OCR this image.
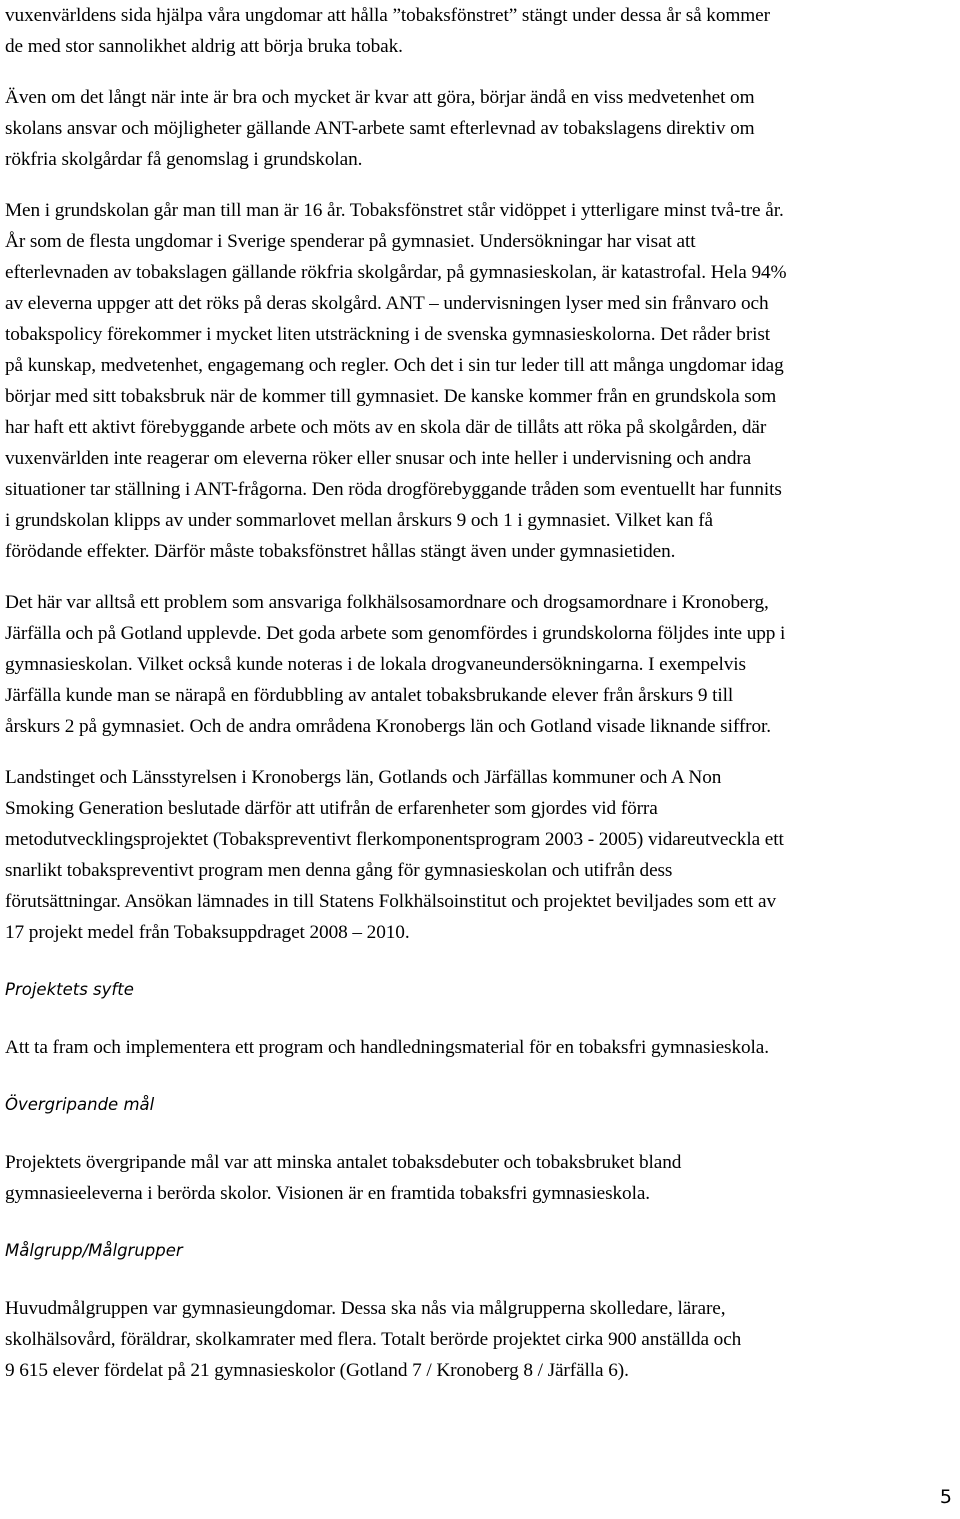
vuxenvärldens sida hjälpa våra ungdomar att hålla ”tobaksfönstret” stängt under dessa år så kommer
de med stor sannolikhet aldrig att börja bruka tobak.

Även om det långt när inte är bra och mycket är kvar att göra, börjar ändå en viss medvetenhet om
skolans ansvar och möjligheter gällande ANT-arbete samt efterlevnad av tobakslagens direktiv om
rökfria skolgårdar få genomslag i grundskolan.

Men i grundskolan går man till man är 16 år. Tobaksfönstret står vidöppet i ytterligare minst två-tre år.
År som de flesta ungdomar i Sverige spenderar på gymnasiet. Undersökningar har visat att
efterlevnaden av tobakslagen gällande rökfria skolgårdar, på gymnasieskolan, är katastrofal. Hela 94%
av eleverna uppger att det röks på deras skolgård. ANT – undervisningen lyser med sin frånvaro och
tobakspolicy förekommer i mycket liten utsträckning i de svenska gymnasieskolorna. Det råder brist
på kunskap, medvetenhet, engagemang och regler. Och det i sin tur leder till att många ungdomar idag
börjar med sitt tobaksbruk när de kommer till gymnasiet. De kanske kommer från en grundskola som
har haft ett aktivt förebyggande arbete och möts av en skola där de tillåts att röka på skolgården, där
vuxenvärlden inte reagerar om eleverna röker eller snusar och inte heller i undervisning och andra
situationer tar ställning i ANT-frågorna. Den röda drogförebyggande tråden som eventuellt har funnits
i grundskolan klipps av under sommarlovet mellan årskurs 9 och 1 i gymnasiet. Vilket kan få
förödande effekter. Därför måste tobaksfönstret hållas stängt även under gymnasietiden.

Det här var alltså ett problem som ansvariga folkhälsosamordnare och drogsamordnare i Kronoberg,
Järfälla och på Gotland upplevde. Det goda arbete som genomfördes i grundskolorna följdes inte upp i
gymnasieskolan. Vilket också kunde noteras i de lokala drogvaneundersökningarna. I exempelvis
Järfälla kunde man se närapå en fördubbling av antalet tobaksbrukande elever från årskurs 9 till
årskurs 2 på gymnasiet. Och de andra områdena Kronobergs län och Gotland visade liknande siffror.

Landstinget och Länsstyrelsen i Kronobergs län, Gotlands och Järfällas kommuner och A Non
Smoking Generation beslutade därför att utifrån de erfarenheter som gjordes vid förra
metodutvecklingsprojektet (Tobakspreventivt flerkomponentsprogram 2003 - 2005) vidareutveckla ett
snarlikt tobakspreventivt program men denna gång för gymnasieskolan och utifrån dess
förutsättningar. Ansökan lämnades in till Statens Folkhälsoinstitut och projektet beviljades som ett av
17 projekt medel från Tobaksuppdraget 2008 – 2010.

Projektets syfte

Att ta fram och implementera ett program och handledningsmaterial för en tobaksfri gymnasieskola.

Övergripande mål

Projektets övergripande mål var att minska antalet tobaksdebuter och tobaksbruket bland
gymnasieeleverna i berörda skolor. Visionen är en framtida tobaksfri gymnasieskola.

Målgrupp/Målgrupper

Huvudmålgruppen var gymnasieungdomar. Dessa ska nås via målgrupperna skolledare, lärare,
skolhälsovård, föräldrar, skolkamrater med flera. Totalt berörde projektet cirka 900 anställda och
9 615 elever fördelat på 21 gymnasieskolor (Gotland 7 / Kronoberg 8 / Järfälla 6).

5
